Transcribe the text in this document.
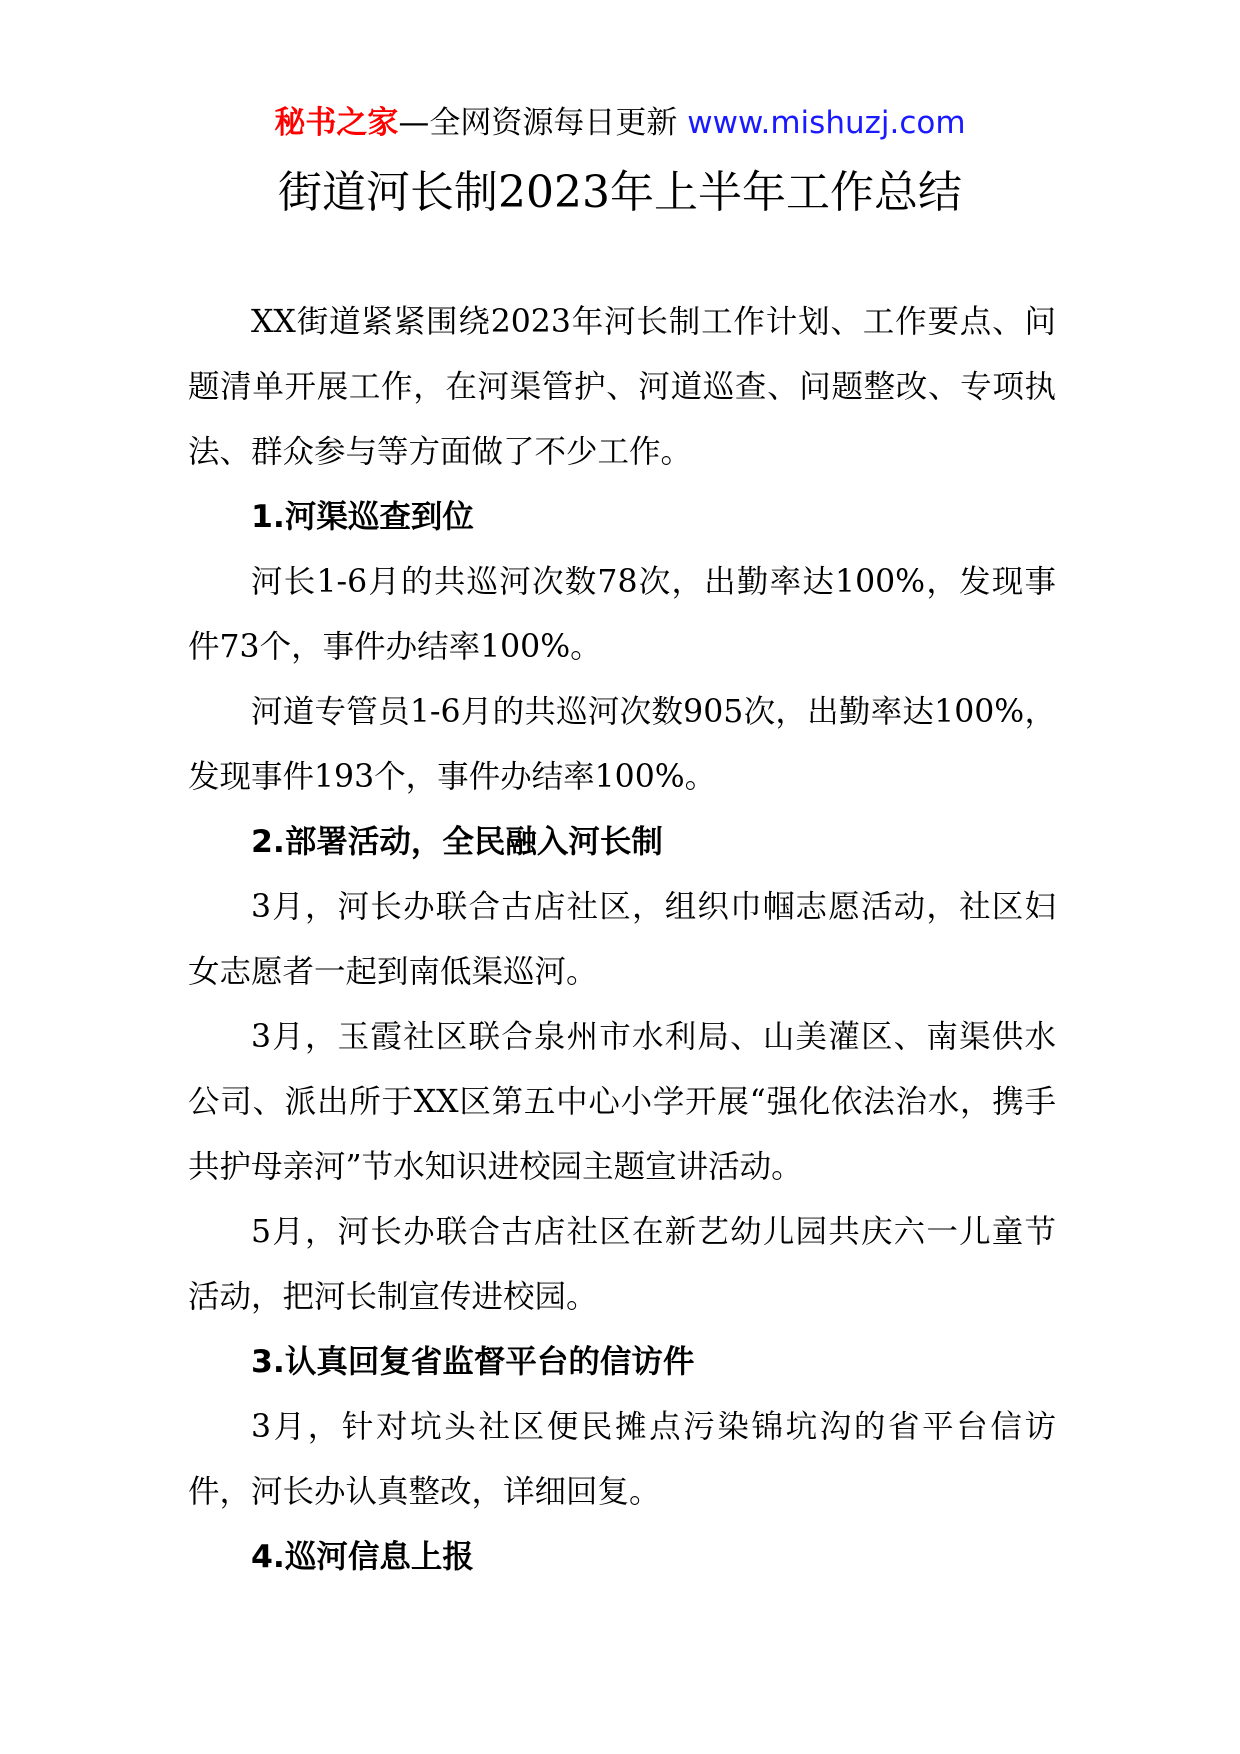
秘书之家—全网资源每日更新 www.mishuzj.com
街道河长制2023年上半年工作总结

XX街道紧紧围绕2023年河长制工作计划、工作要点、问题清单开展工作，在河渠管护、河道巡查、问题整改、专项执法、群众参与等方面做了不少工作。

1.河渠巡查到位

河长1-6月的共巡河次数78次，出勤率达100%，发现事件73个，事件办结率100%。

河道专管员1-6月的共巡河次数905次，出勤率达100%，发现事件193个，事件办结率100%。

2.部署活动，全民融入河长制

3月，河长办联合古店社区，组织巾帼志愿活动，社区妇女志愿者一起到南低渠巡河。

3月，玉霞社区联合泉州市水利局、山美灌区、南渠供水公司、派出所于XX区第五中心小学开展“强化依法治水，携手共护母亲河”节水知识进校园主题宣讲活动。

5月，河长办联合古店社区在新艺幼儿园共庆六一儿童节活动，把河长制宣传进校园。

3.认真回复省监督平台的信访件

3月，针对坑头社区便民摊点污染锦坑沟的省平台信访件，河长办认真整改，详细回复。

4.巡河信息上报
